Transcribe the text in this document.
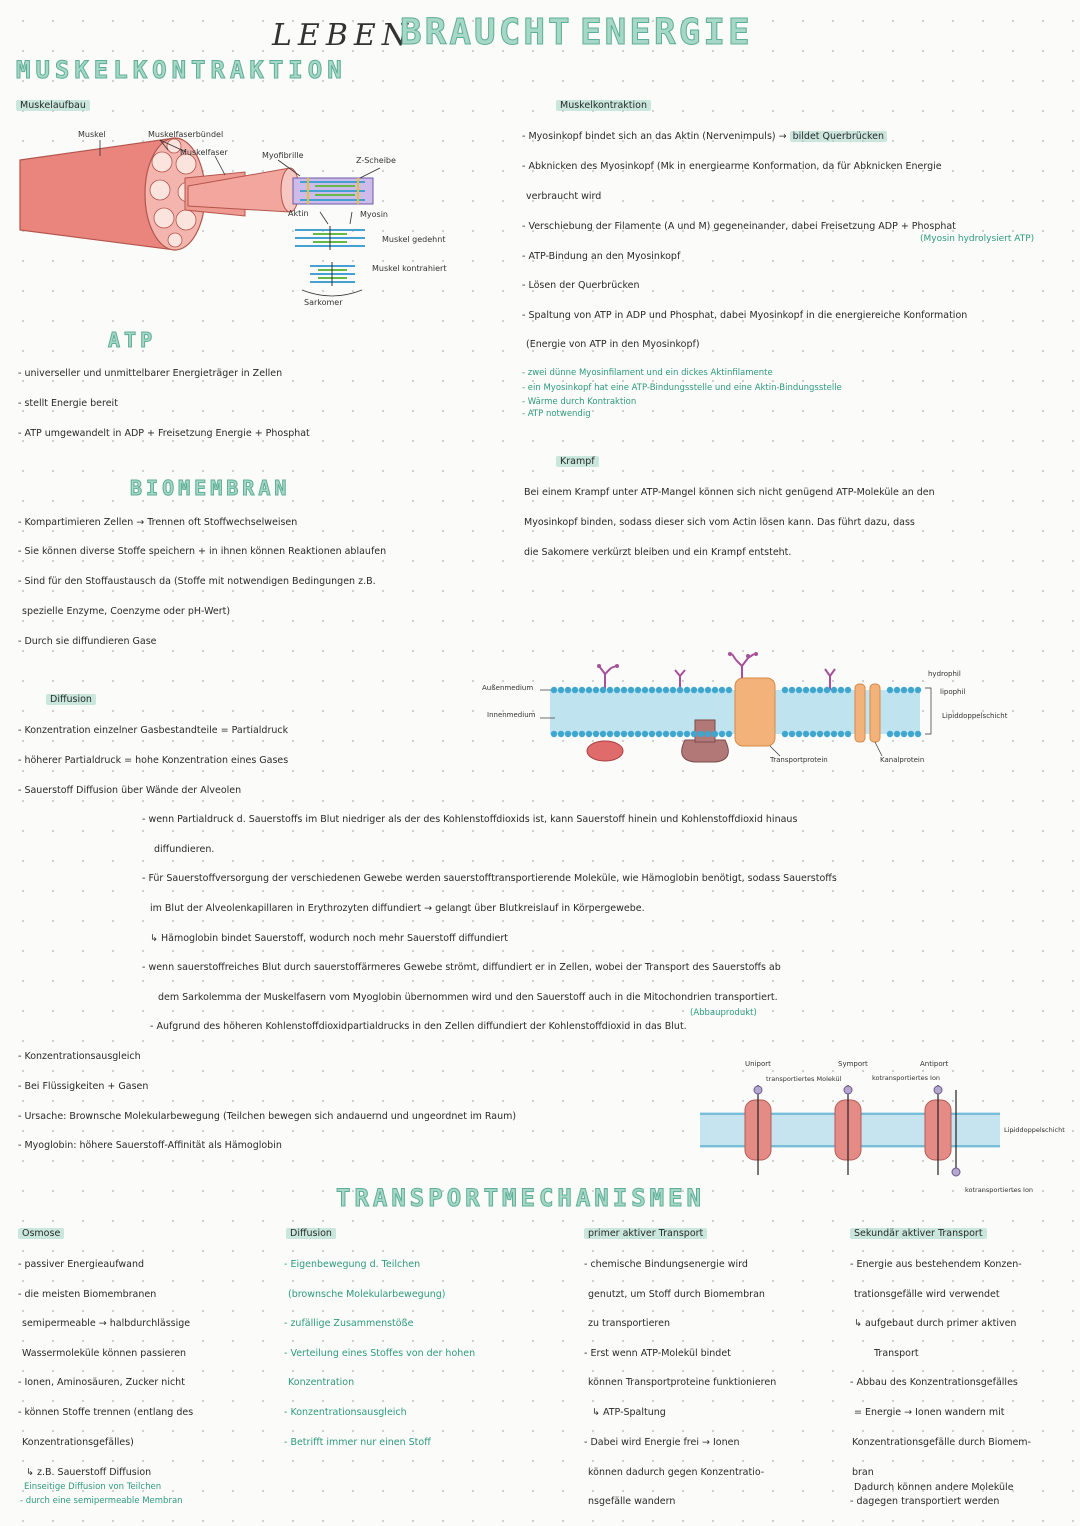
LEBEN
BRAUCHT ENERGIE
MUSKELKONTRAKTION
Muskelaufbau
Muskel	Muskelfaserbündel
Muskelfaser	Myofibrille
Z-Scheibe
Aktin	Myosin
Muskel gedehnt
Muskel kontrahiert
Sarkomer
Muskelkontraktion
- Myosinkopf bindet sich an das Aktin (Nervenimpuls) → bildet Querbrücken
- Abknicken des Myosinkopf (Mk in energiearme Konformation, da für Abknicken Energie
verbraucht wird
- Verschiebung der Filamente (A und M) gegeneinander, dabei Freisetzung ADP + Phosphat
(Myosin hydrolysiert ATP)
- ATP-Bindung an den Myosinkopf
- Lösen der Querbrücken
- Spaltung von ATP in ADP und Phosphat, dabei Myosinkopf in die energiereiche Konformation
(Energie von ATP in den Myosinkopf)
- zwei dünne Myosinfilament und ein dickes Aktinfilamente
- ein Myosinkopf hat eine ATP-Bindungsstelle und eine Aktin-Bindungsstelle
- Wärme durch Kontraktion
- ATP notwendig
ATP
- universeller und unmittelbarer Energieträger in Zellen
- stellt Energie bereit
- ATP umgewandelt in ADP + Freisetzung Energie + Phosphat
Krampf
Bei einem Krampf unter ATP-Mangel können sich nicht genügend ATP-Moleküle an den
Myosinkopf binden, sodass dieser sich vom Actin lösen kann. Das führt dazu, dass
die Sakomere verkürzt bleiben und ein Krampf entsteht.
BIOMEMBRAN
- Kompartimieren Zellen → Trennen oft Stoffwechselweisen
- Sie können diverse Stoffe speichern + in ihnen können Reaktionen ablaufen
- Sind für den Stoffaustausch da (Stoffe mit notwendigen Bedingungen z.B.
spezielle Enzyme, Coenzyme oder pH-Wert)
- Durch sie diffundieren Gase
Außenmedium
Innenmedium
hydrophil
lipophil
Lipiddoppelschicht
Transportprotein	Kanalprotein
Diffusion
- Konzentration einzelner Gasbestandteile = Partialdruck
- höherer Partialdruck = hohe Konzentration eines Gases
- Sauerstoff Diffusion über Wände der Alveolen
- wenn Partialdruck d. Sauerstoffs im Blut niedriger als der des Kohlenstoffdioxids ist, kann Sauerstoff hinein und Kohlenstoffdioxid hinaus
diffundieren.
- Für Sauerstoffversorgung der verschiedenen Gewebe werden sauerstofftransportierende Moleküle, wie Hämoglobin benötigt, sodass Sauerstoffs
im Blut der Alveolenkapillaren in Erythrozyten diffundiert → gelangt über Blutkreislauf in Körpergewebe.
↳ Hämoglobin bindet Sauerstoff, wodurch noch mehr Sauerstoff diffundiert
- wenn sauerstoffreiches Blut durch sauerstoffärmeres Gewebe strömt, diffundiert er in Zellen, wobei der Transport des Sauerstoffs ab
dem Sarkolemma der Muskelfasern vom Myoglobin übernommen wird und den Sauerstoff auch in die Mitochondrien transportiert.
(Abbauprodukt)
- Aufgrund des höheren Kohlenstoffdioxidpartialdrucks in den Zellen diffundiert der Kohlenstoffdioxid in das Blut.
- Konzentrationsausgleich
- Bei Flüssigkeiten + Gasen
- Ursache: Brownsche Molekularbewegung (Teilchen bewegen sich andauernd und ungeordnet im Raum)
- Myoglobin: höhere Sauerstoff-Affinität als Hämoglobin
Uniport	Symport	Antiport
transportiertes Molekül	kotransportiertes Ion
kotransportiertes Ion
Lipiddoppelschicht
TRANSPORTMECHANISMEN
Osmose
- passiver Energieaufwand
- die meisten Biomembranen
semipermeable → halbdurchlässige
Wassermoleküle können passieren
- Ionen, Aminosäuren, Zucker nicht
- können Stoffe trennen (entlang des
Konzentrationsgefälles)
↳ z.B. Sauerstoff Diffusion
Einseitige Diffusion von Teilchen
- durch eine semipermeable Membran
Diffusion
- Eigenbewegung d. Teilchen
(brownsche Molekularbewegung)
- zufällige Zusammenstöße
- Verteilung eines Stoffes von der hohen
Konzentration
- Konzentrationsausgleich
- Betrifft immer nur einen Stoff
primer aktiver Transport
- chemische Bindungsenergie wird
genutzt, um Stoff durch Biomembran
zu transportieren
- Erst wenn ATP-Molekül bindet
können Transportproteine funktionieren
↳ ATP-Spaltung
- Dabei wird Energie frei → Ionen
können dadurch gegen Konzentratio-
nsgefälle wandern
Sekundär aktiver Transport
- Energie aus bestehendem Konzen-
trationsgefälle wird verwendet
↳ aufgebaut durch primer aktiven
Transport
- Abbau des Konzentrationsgefälles
= Energie → Ionen wandern mit
Konzentrationsgefälle durch Biomem-
bran
Dadurch können andere Moleküle
- dagegen transportiert werden
